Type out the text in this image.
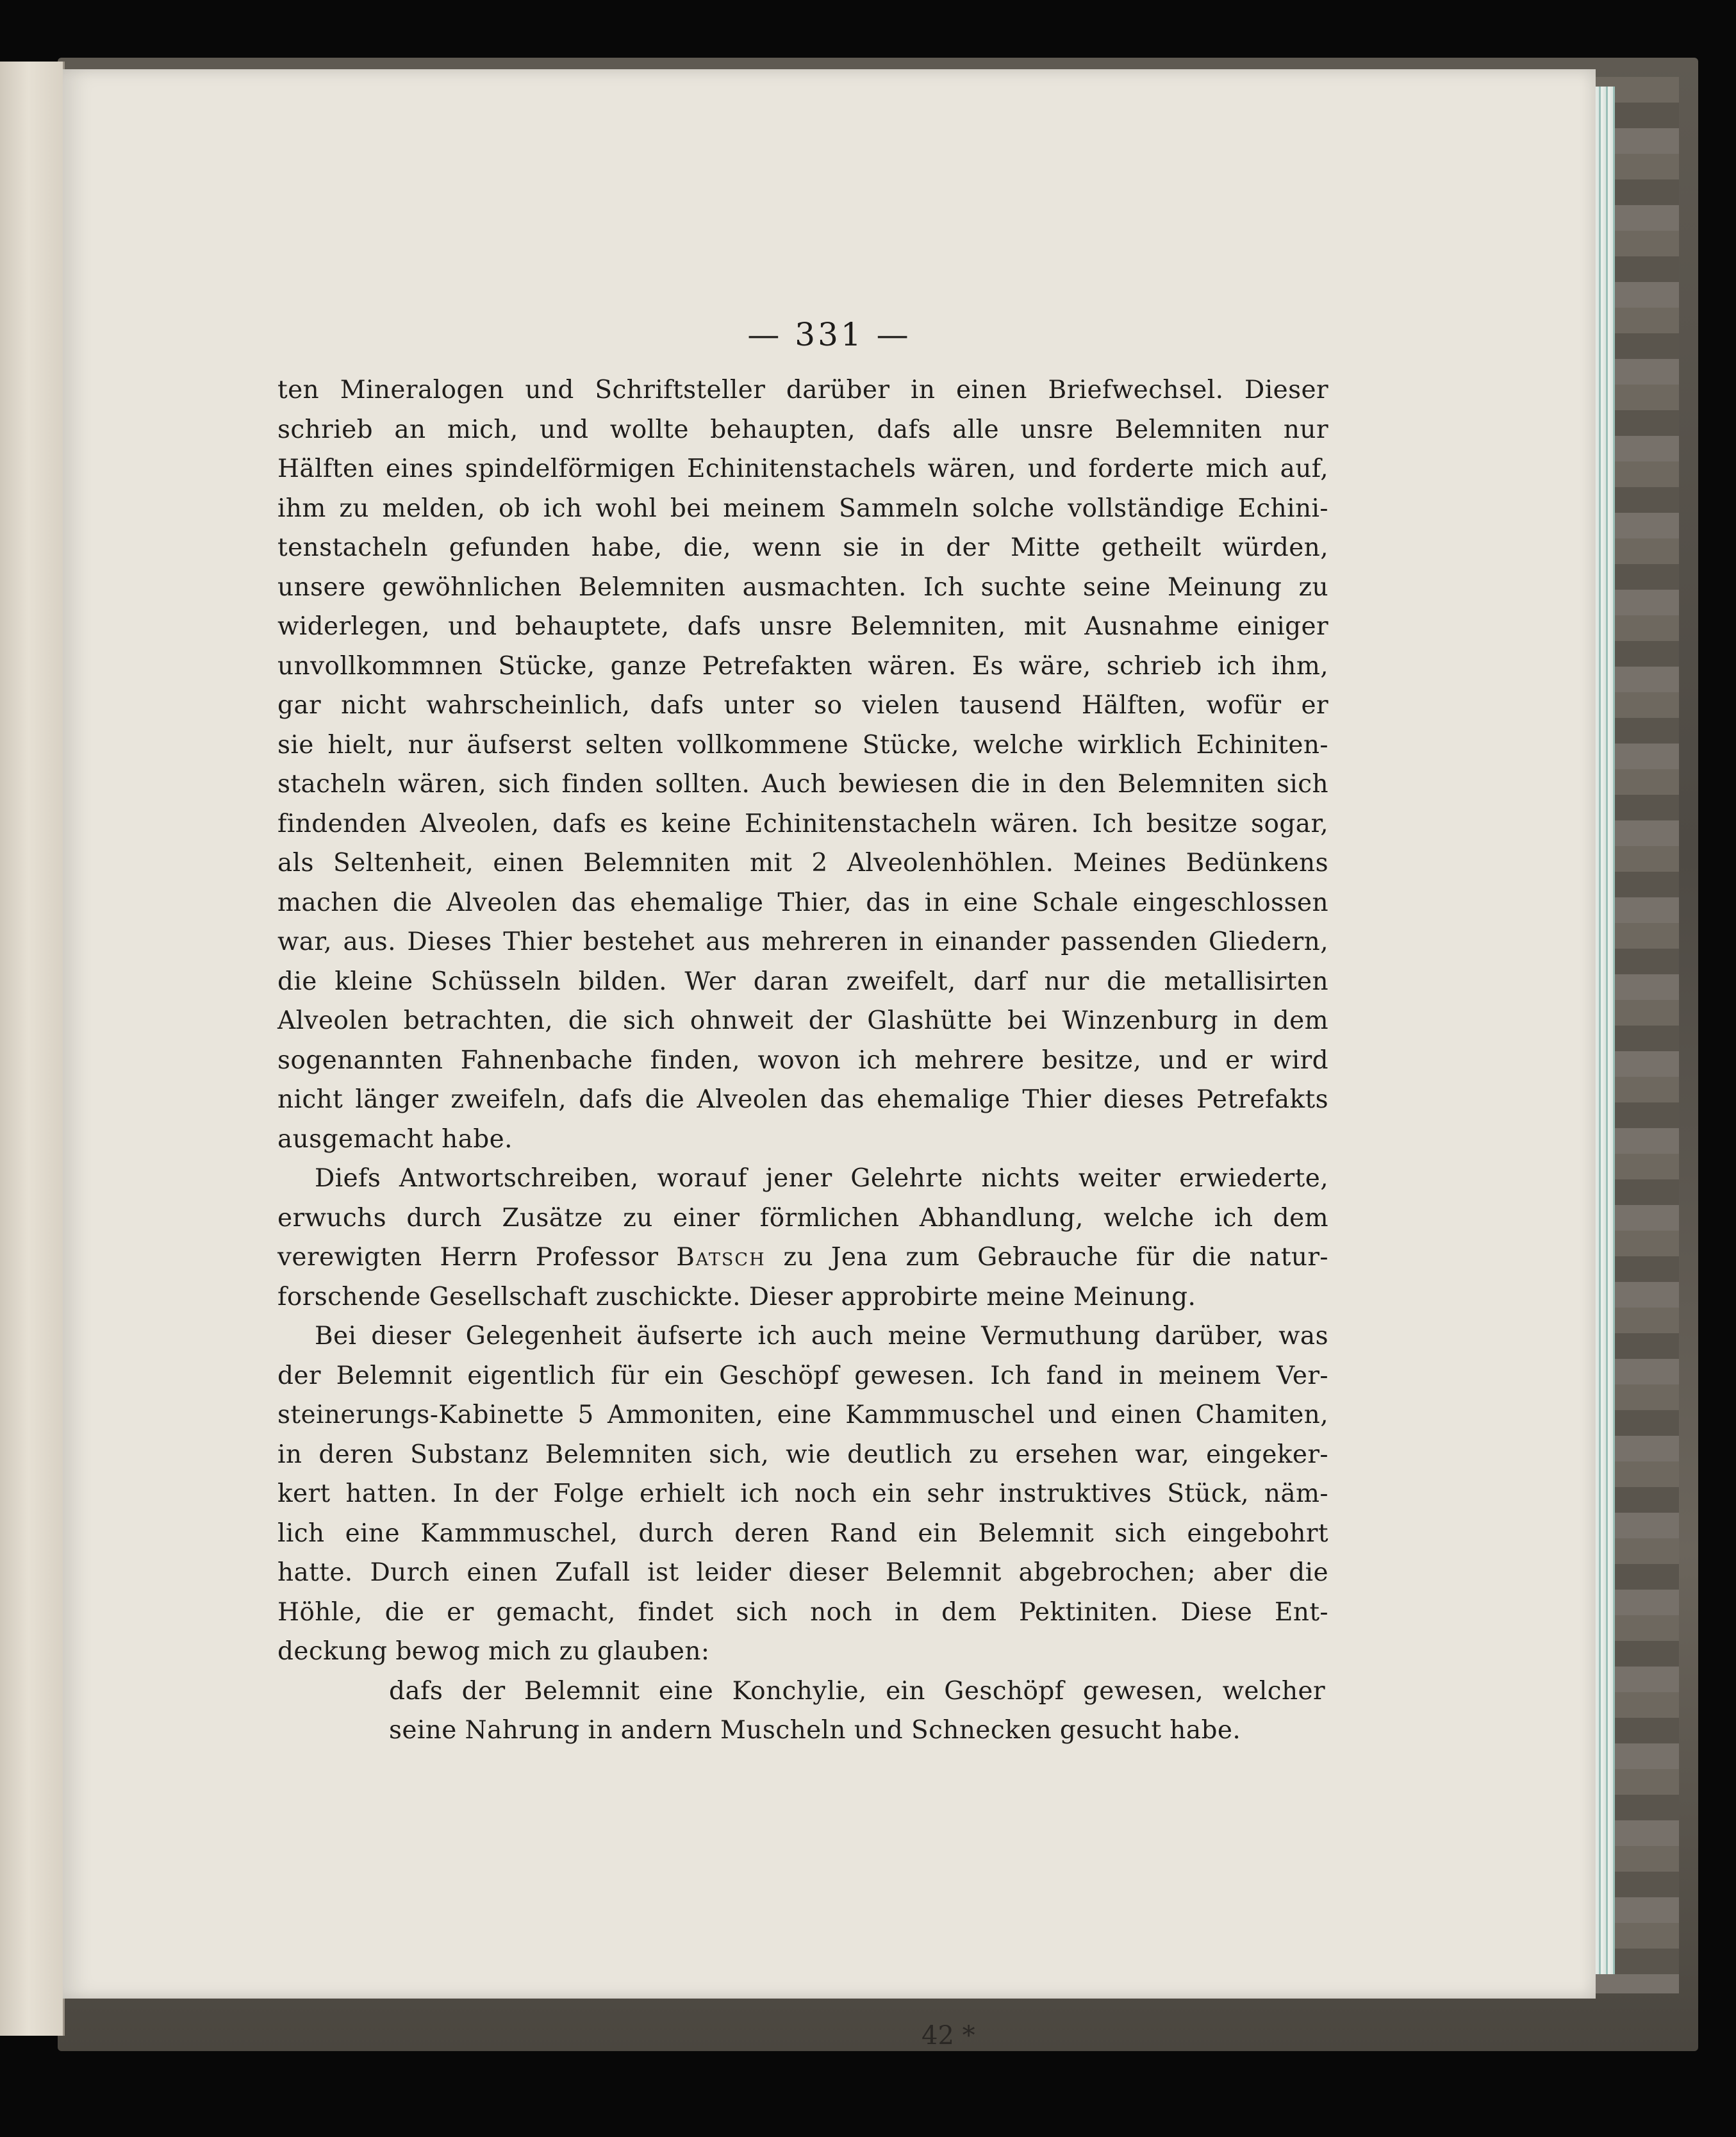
— 331 —

ten Mineralogen und Schriftsteller darüber in einen Briefwechsel. Dieser
schrieb an mich, und wollte behaupten, dafs alle unsre Belemniten nur
Hälften eines spindelförmigen Echinitenstachels wären, und forderte mich auf,
ihm zu melden, ob ich wohl bei meinem Sammeln solche vollständige Echini-
tenstacheln gefunden habe, die, wenn sie in der Mitte getheilt würden,
unsere gewöhnlichen Belemniten ausmachten. Ich suchte seine Meinung zu
widerlegen, und behauptete, dafs unsre Belemniten, mit Ausnahme einiger
unvollkommnen Stücke, ganze Petrefakten wären. Es wäre, schrieb ich ihm,
gar nicht wahrscheinlich, dafs unter so vielen tausend Hälften, wofür er
sie hielt, nur äufserst selten vollkommene Stücke, welche wirklich Echiniten-
stacheln wären, sich finden sollten. Auch bewiesen die in den Belemniten sich
findenden Alveolen, dafs es keine Echinitenstacheln wären. Ich besitze sogar,
als Seltenheit, einen Belemniten mit 2 Alveolenhöhlen. Meines Bedünkens
machen die Alveolen das ehemalige Thier, das in eine Schale eingeschlossen
war, aus. Dieses Thier bestehet aus mehreren in einander passenden Gliedern,
die kleine Schüsseln bilden. Wer daran zweifelt, darf nur die metallisirten
Alveolen betrachten, die sich ohnweit der Glashütte bei Winzenburg in dem
sogenannten Fahnenbache finden, wovon ich mehrere besitze, und er wird
nicht länger zweifeln, dafs die Alveolen das ehemalige Thier dieses Petrefakts
ausgemacht habe.

Diefs Antwortschreiben, worauf jener Gelehrte nichts weiter erwiederte,
erwuchs durch Zusätze zu einer förmlichen Abhandlung, welche ich dem
verewigten Herrn Professor Batsch zu Jena zum Gebrauche für die natur-
forschende Gesellschaft zuschickte. Dieser approbirte meine Meinung.

Bei dieser Gelegenheit äufserte ich auch meine Vermuthung darüber, was
der Belemnit eigentlich für ein Geschöpf gewesen. Ich fand in meinem Ver-
steinerungs-Kabinette 5 Ammoniten, eine Kammmuschel und einen Chamiten,
in deren Substanz Belemniten sich, wie deutlich zu ersehen war, eingeker-
kert hatten. In der Folge erhielt ich noch ein sehr instruktives Stück, näm-
lich eine Kammmuschel, durch deren Rand ein Belemnit sich eingebohrt
hatte. Durch einen Zufall ist leider dieser Belemnit abgebrochen; aber die
Höhle, die er gemacht, findet sich noch in dem Pektiniten. Diese Ent-
deckung bewog mich zu glauben:

dafs der Belemnit eine Konchylie, ein Geschöpf gewesen, welcher
seine Nahrung in andern Muscheln und Schnecken gesucht habe.

42 *
